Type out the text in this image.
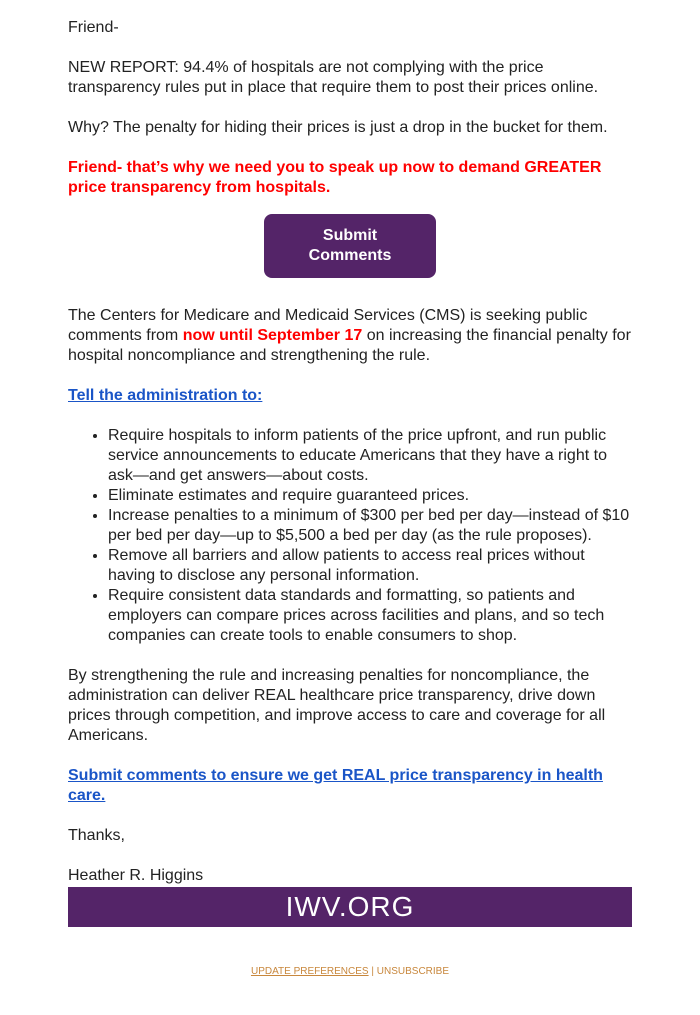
Friend-

NEW REPORT: 94.4% of hospitals are not complying with the price transparency rules put in place that require them to post their prices online.

Why? The penalty for hiding their prices is just a drop in the bucket for them.

Friend- that’s why we need you to speak up now to demand GREATER price transparency from hospitals.

Submit Comments

The Centers for Medicare and Medicaid Services (CMS) is seeking public comments from now until September 17 on increasing the financial penalty for hospital noncompliance and strengthening the rule.

Tell the administration to:

• Require hospitals to inform patients of the price upfront, and run public service announcements to educate Americans that they have a right to ask—and get answers—about costs.
• Eliminate estimates and require guaranteed prices.
• Increase penalties to a minimum of $300 per bed per day—instead of $10 per bed per day—up to $5,500 a bed per day (as the rule proposes).
• Remove all barriers and allow patients to access real prices without having to disclose any personal information.
• Require consistent data standards and formatting, so patients and employers can compare prices across facilities and plans, and so tech companies can create tools to enable consumers to shop.

By strengthening the rule and increasing penalties for noncompliance, the administration can deliver REAL healthcare price transparency, drive down prices through competition, and improve access to care and coverage for all Americans.

Submit comments to ensure we get REAL price transparency in health care.

Thanks,

Heather R. Higgins

IWV.ORG
UPDATE PREFERENCES | UNSUBSCRIBE
